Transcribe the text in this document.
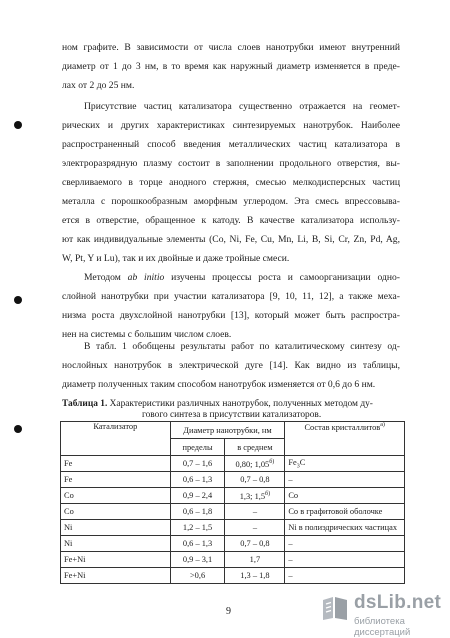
ном графите. В зависимости от числа слоев нанотрубки имеют внутренний
диаметр от 1 до 3 нм, в то время как наружный диаметр изменяется в преде-
лах от 2 до 25 нм.

Присутствие частиц катализатора существенно отражается на геомет-
рических и других характеристиках синтезируемых нанотрубок. Наиболее
распространенный способ введения металлических частиц катализатора в
электроразрядную плазму состоит в заполнении продольного отверстия, вы-
сверливаемого в торце анодного стержня, смесью мелкодисперсных частиц
металла с порошкообразным аморфным углеродом. Эта смесь впрессовыва-
ется в отверстие, обращенное к катоду. В качестве катализатора использу-
ют как индивидуальные элементы (Co, Ni, Fe, Cu, Mn, Li, B, Si, Cr, Zn, Pd, Ag,
W, Pt, Y и Lu), так и их двойные и даже тройные смеси.

Методом ab initio изучены процессы роста и самоорганизации одно-
слойной нанотрубки при участии катализатора [9, 10, 11, 12], а также меха-
низма роста двухслойной нанотрубки [13], который может быть распростра-
нен на системы с большим числом слоев.

В табл. 1 обобщены результаты работ по каталитическому синтезу од-
нослойных нанотрубок в электрической дуге [14]. Как видно из таблицы,
диаметр полученных таким способом нанотрубок изменяется от 0,6 до 6 нм.

Таблица 1. Характеристики различных нанотрубок, полученных методом ду-
гового синтеза в присутствии катализаторов.
Катализатор	Диаметр нанотрубки, нм		Состав кристаллитов$^{а)}$
	пределы	в среднем	
Fe	0,7 – 1,6	0,80; $1,05^{б)}$	$Fe_3C$
Fe	0,6 – 1,3	0,7 – 0,8	–
Co	0,9 – 2,4	1,3; $1,5^{б)}$	Co
Co	0,6 – 1,8	–	Co в графитовой оболочке
Ni	1,2 – 1,5	–	Ni в полиэдрических частицах
Ni	0,6 – 1,3	0,7 – 0,8	–
Fe+Ni	0,9 – 3,1	1,7	–
Fe+Ni	>0,6	1,3 – 1,8	–
9	dsLib.net
библиотека диссертаций
